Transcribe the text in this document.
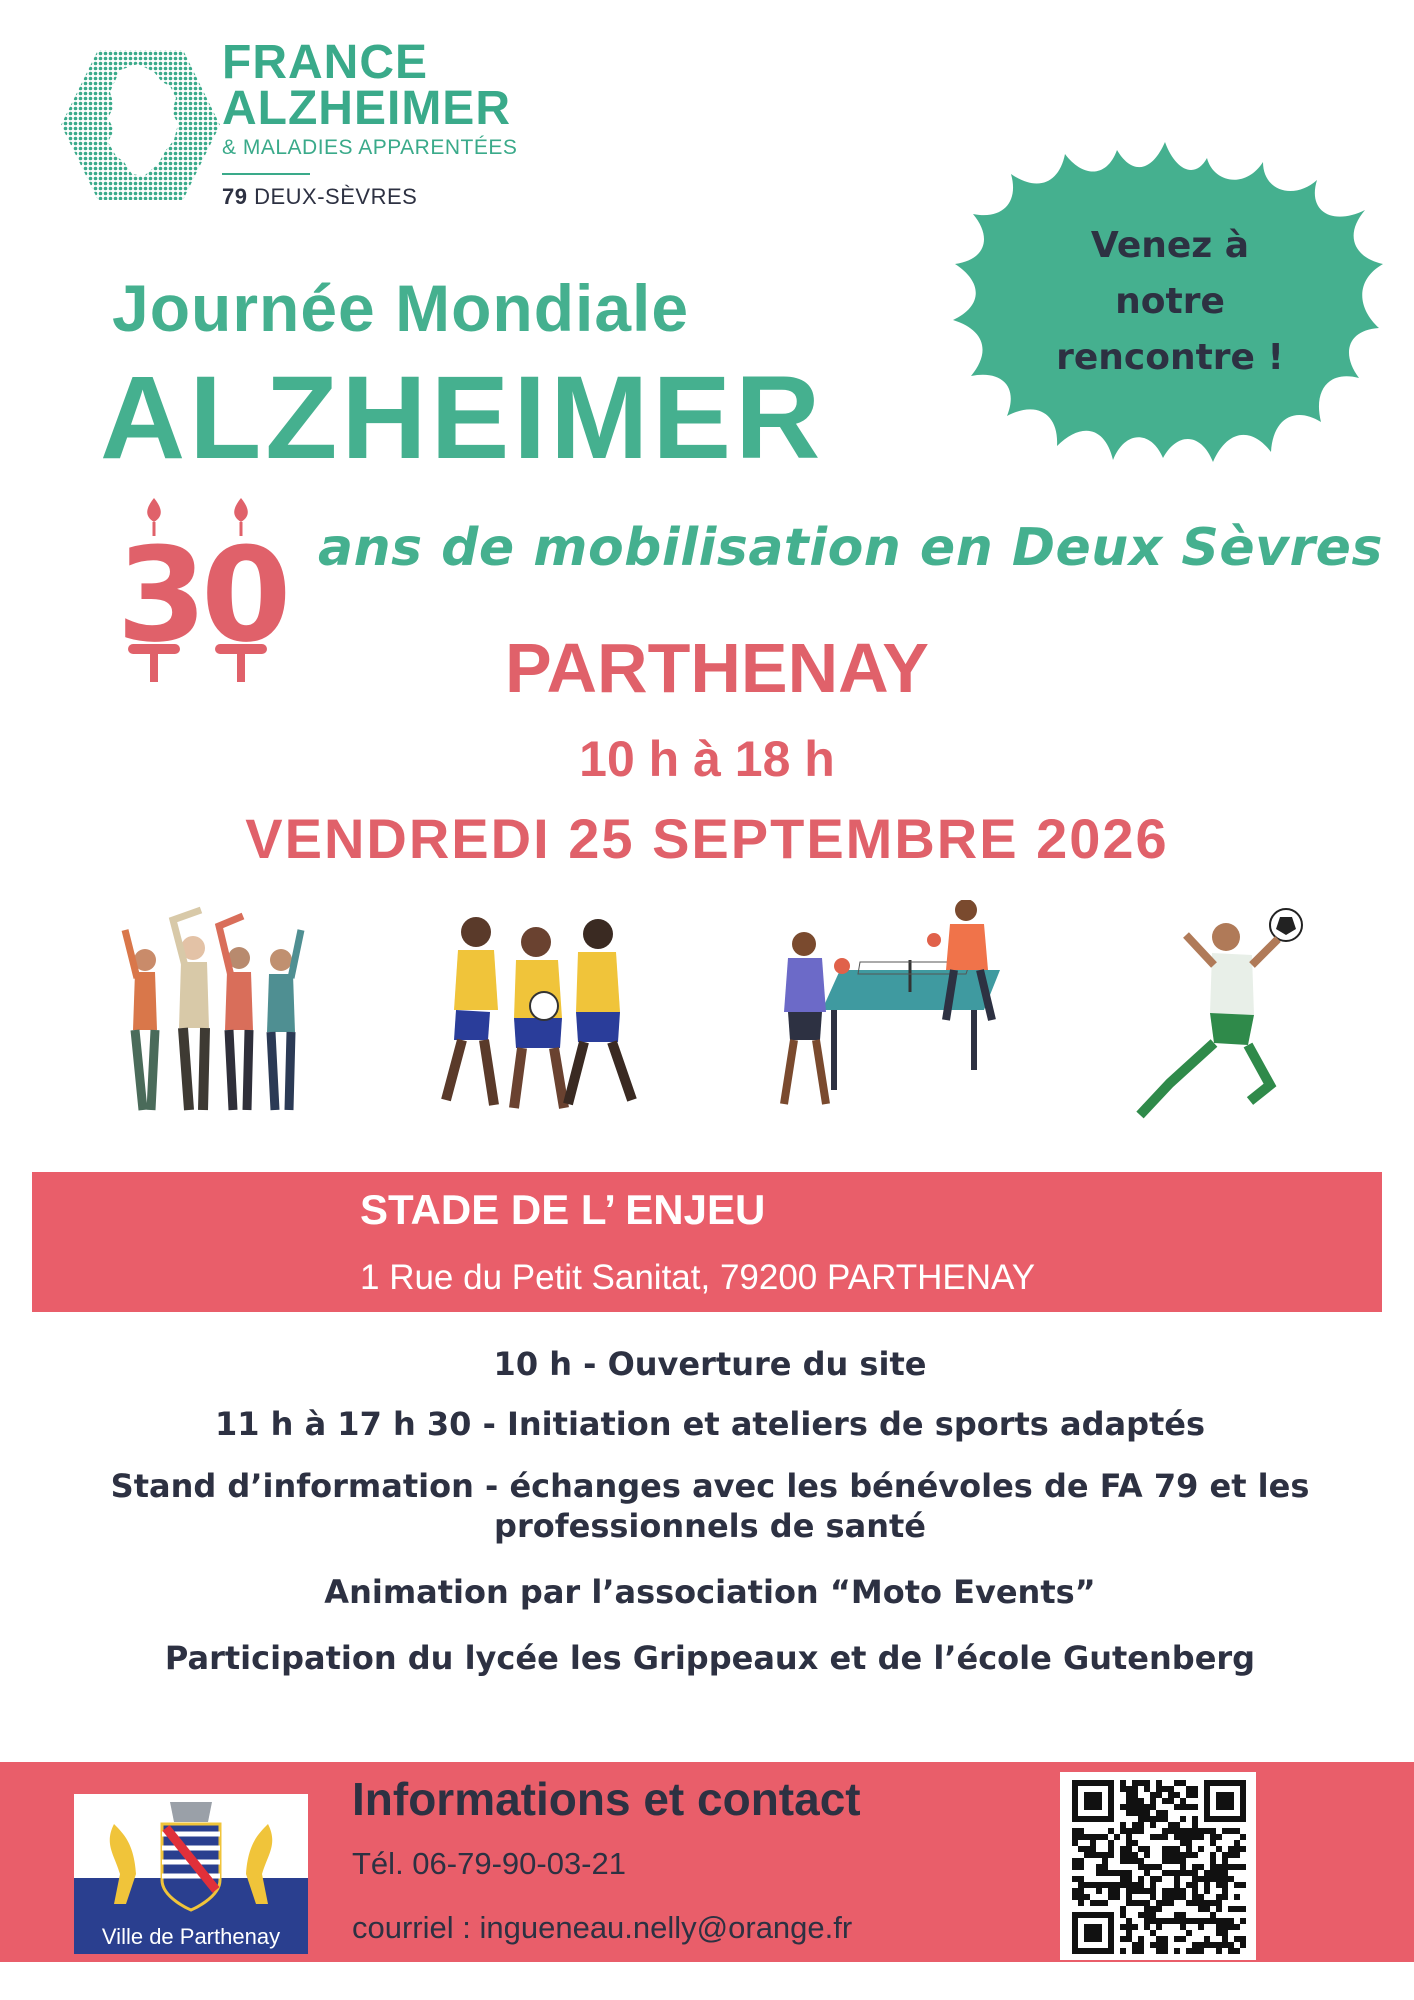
FRANCE
ALZHEIMER
& MALADIES APPARENTÉES
79 DEUX-SÈVRES
Venez à
notre
rencontre !
Journée Mondiale
ALZHEIMER
30 ans de mobilisation en Deux Sèvres
PARTHENAY
10 h à 18 h
VENDREDI 25 SEPTEMBRE 2026
STADE DE L’ ENJEU
1 Rue du Petit Sanitat, 79200 PARTHENAY
10 h - Ouverture du site
11 h à 17 h 30 - Initiation et ateliers de sports adaptés
Stand d’information - échanges avec les bénévoles de FA 79 et les professionnels de santé
Animation par l’association “Moto Events”
Participation du lycée les Grippeaux et de l’école Gutenberg
Ville de Parthenay
Informations et contact
Tél. 06-79-90-03-21
courriel : ingueneau.nelly@orange.fr
